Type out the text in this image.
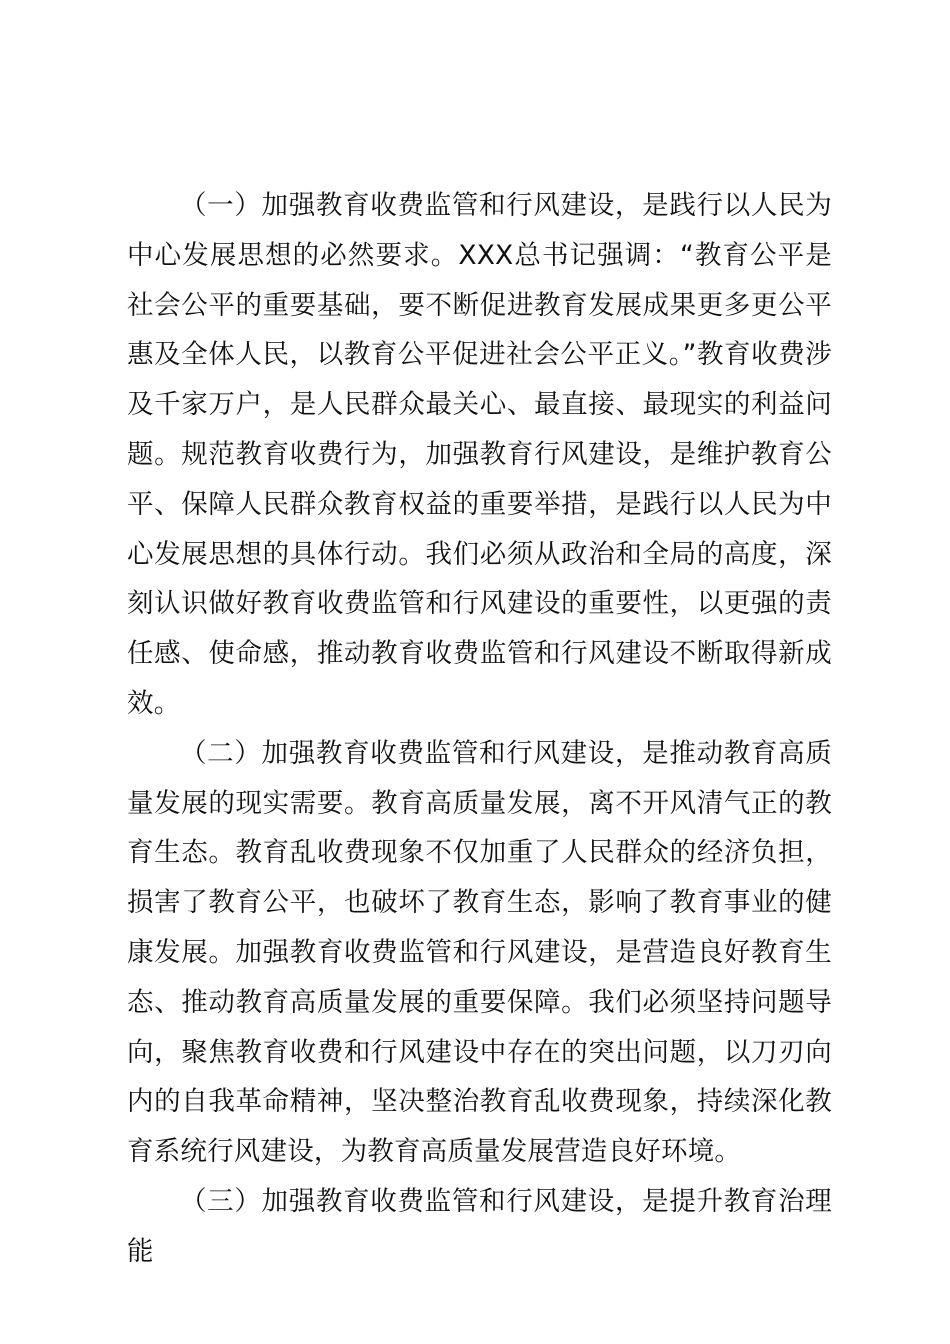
（一）加强教育收费监管和行风建设，是践行以人民为中心发展思想的必然要求。XXX总书记强调：“教育公平是社会公平的重要基础，要不断促进教育发展成果更多更公平惠及全体人民，以教育公平促进社会公平正义。”教育收费涉及千家万户，是人民群众最关心、最直接、最现实的利益问题。规范教育收费行为，加强教育行风建设，是维护教育公平、保障人民群众教育权益的重要举措，是践行以人民为中心发展思想的具体行动。我们必须从政治和全局的高度，深刻认识做好教育收费监管和行风建设的重要性，以更强的责任感、使命感，推动教育收费监管和行风建设不断取得新成效。

（二）加强教育收费监管和行风建设，是推动教育高质量发展的现实需要。教育高质量发展，离不开风清气正的教育生态。教育乱收费现象不仅加重了人民群众的经济负担，损害了教育公平，也破坏了教育生态，影响了教育事业的健康发展。加强教育收费监管和行风建设，是营造良好教育生态、推动教育高质量发展的重要保障。我们必须坚持问题导向，聚焦教育收费和行风建设中存在的突出问题，以刀刃向内的自我革命精神，坚决整治教育乱收费现象，持续深化教育系统行风建设，为教育高质量发展营造良好环境。

（三）加强教育收费监管和行风建设，是提升教育治理能
